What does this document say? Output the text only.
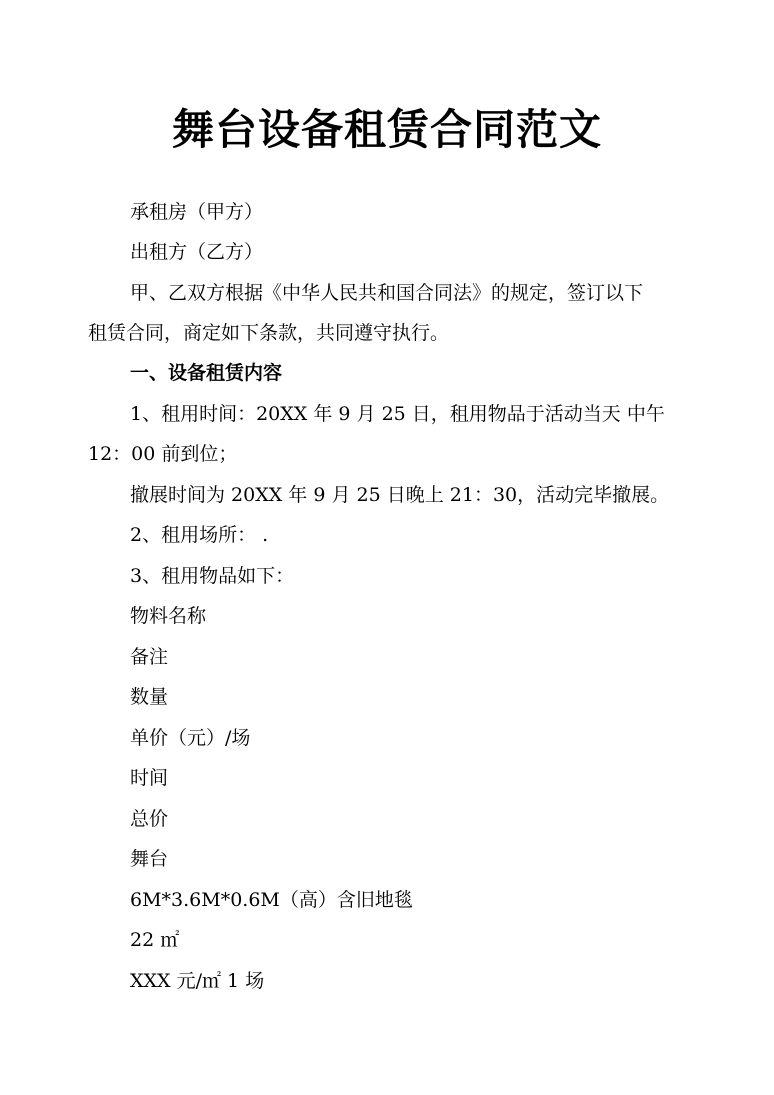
舞台设备租赁合同范文

承租房（甲方）

出租方（乙方）

甲、乙双方根据《中华人民共和国合同法》的规定，签订以下

租赁合同，商定如下条款，共同遵守执行。

一、设备租赁内容

1、租用时间：20XX 年 9 月 25 日，租用物品于活动当天 中午

12：00 前到位；

撤展时间为 20XX 年 9 月 25 日晚上 21：30，活动完毕撤展。

2、租用场所： .

3、租用物品如下：

物料名称

备注

数量

单价（元）/场

时间

总价

舞台

6M*3.6M*0.6M（高）含旧地毯

22 ㎡

XXX 元/㎡ 1 场
